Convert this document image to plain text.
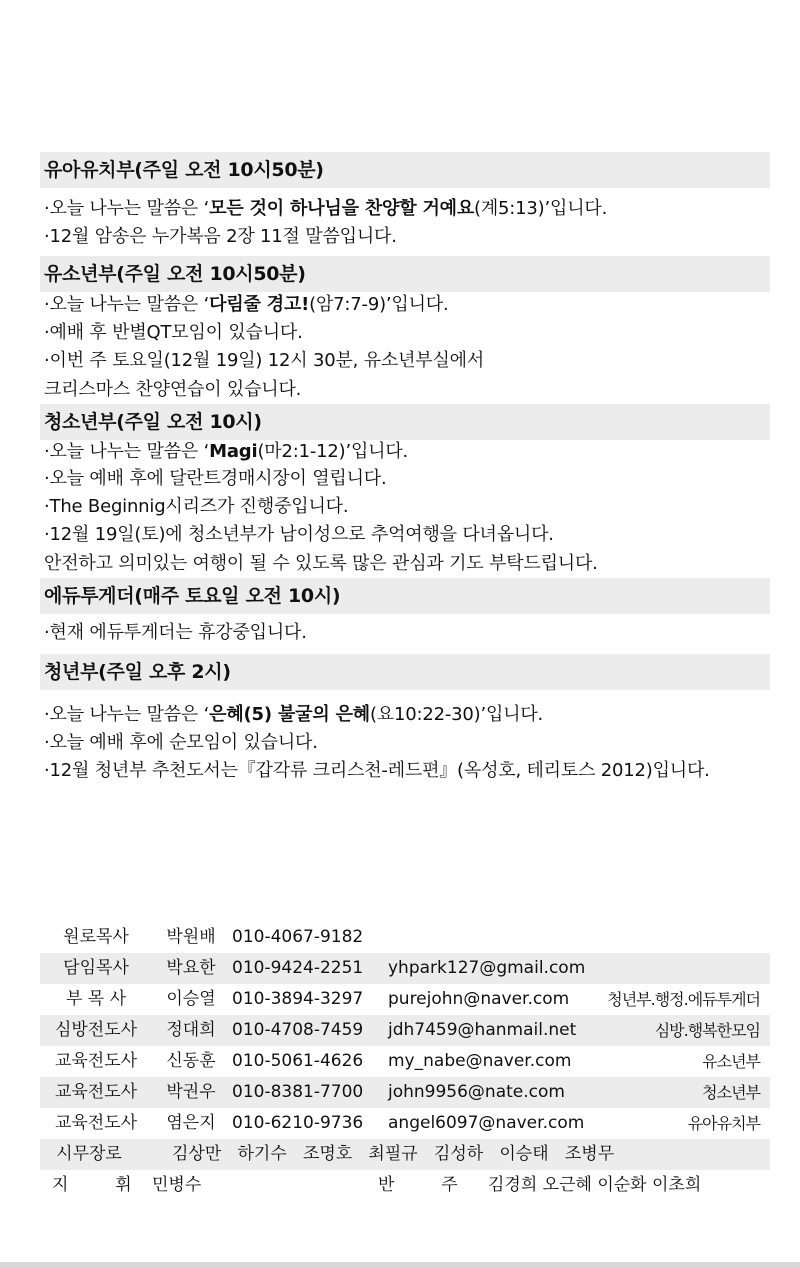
유아유치부(주일 오전 10시50분)
·오늘 나누는 말씀은 ‘모든 것이 하나님을 찬양할 거예요(계5:13)’입니다.
·12월 암송은 누가복음 2장 11절 말씀입니다.
유소년부(주일 오전 10시50분)
·오늘 나누는 말씀은 ‘다림줄 경고!(암7:7-9)’입니다.
·예배 후 반별QT모임이 있습니다.
·이번 주 토요일(12월 19일) 12시 30분, 유소년부실에서
크리스마스 찬양연습이 있습니다.
청소년부(주일 오전 10시)
·오늘 나누는 말씀은 ‘Magi(마2:1-12)’입니다.
·오늘 예배 후에 달란트경매시장이 열립니다.
·The Beginnig시리즈가 진행중입니다.
·12월 19일(토)에 청소년부가 남이성으로 추억여행을 다녀옵니다.
안전하고 의미있는 여행이 될 수 있도록 많은 관심과 기도 부탁드립니다.
에듀투게더(매주 토요일 오전 10시)
·현재 에듀투게더는 휴강중입니다.
청년부(주일 오후 2시)
·오늘 나누는 말씀은 ‘은혜(5) 불굴의 은혜(요10:22-30)’입니다.
·오늘 예배 후에 순모임이 있습니다.
·12월 청년부 추천도서는『갑각류 크리스천-레드편』(옥성호, 테리토스 2012)입니다.
원로목사	박원배 010-4067-9182
담임목사	박요한 010-9424-2251 yhpark127@gmail.com
부 목 사	이승열 010-3894-3297 purejohn@naver.com 청년부.행정.에듀투게더
심방전도사	정대희 010-4708-7459 jdh7459@hanmail.net	심방.행복한모임
교육전도사	신동훈 010-5061-4626 my_nabe@naver.com	유소년부
교육전도사	박권우 010-8381-7700 john9956@nate.com	청소년부
교육전도사	염은지 010-6210-9736 angel6097@naver.com	유아유치부
시무장로	김상만   하기수   조명호   최필규   김성하   이승태   조병무
지  휘 민병수	반  주 김경희 오근혜 이순화 이초희
